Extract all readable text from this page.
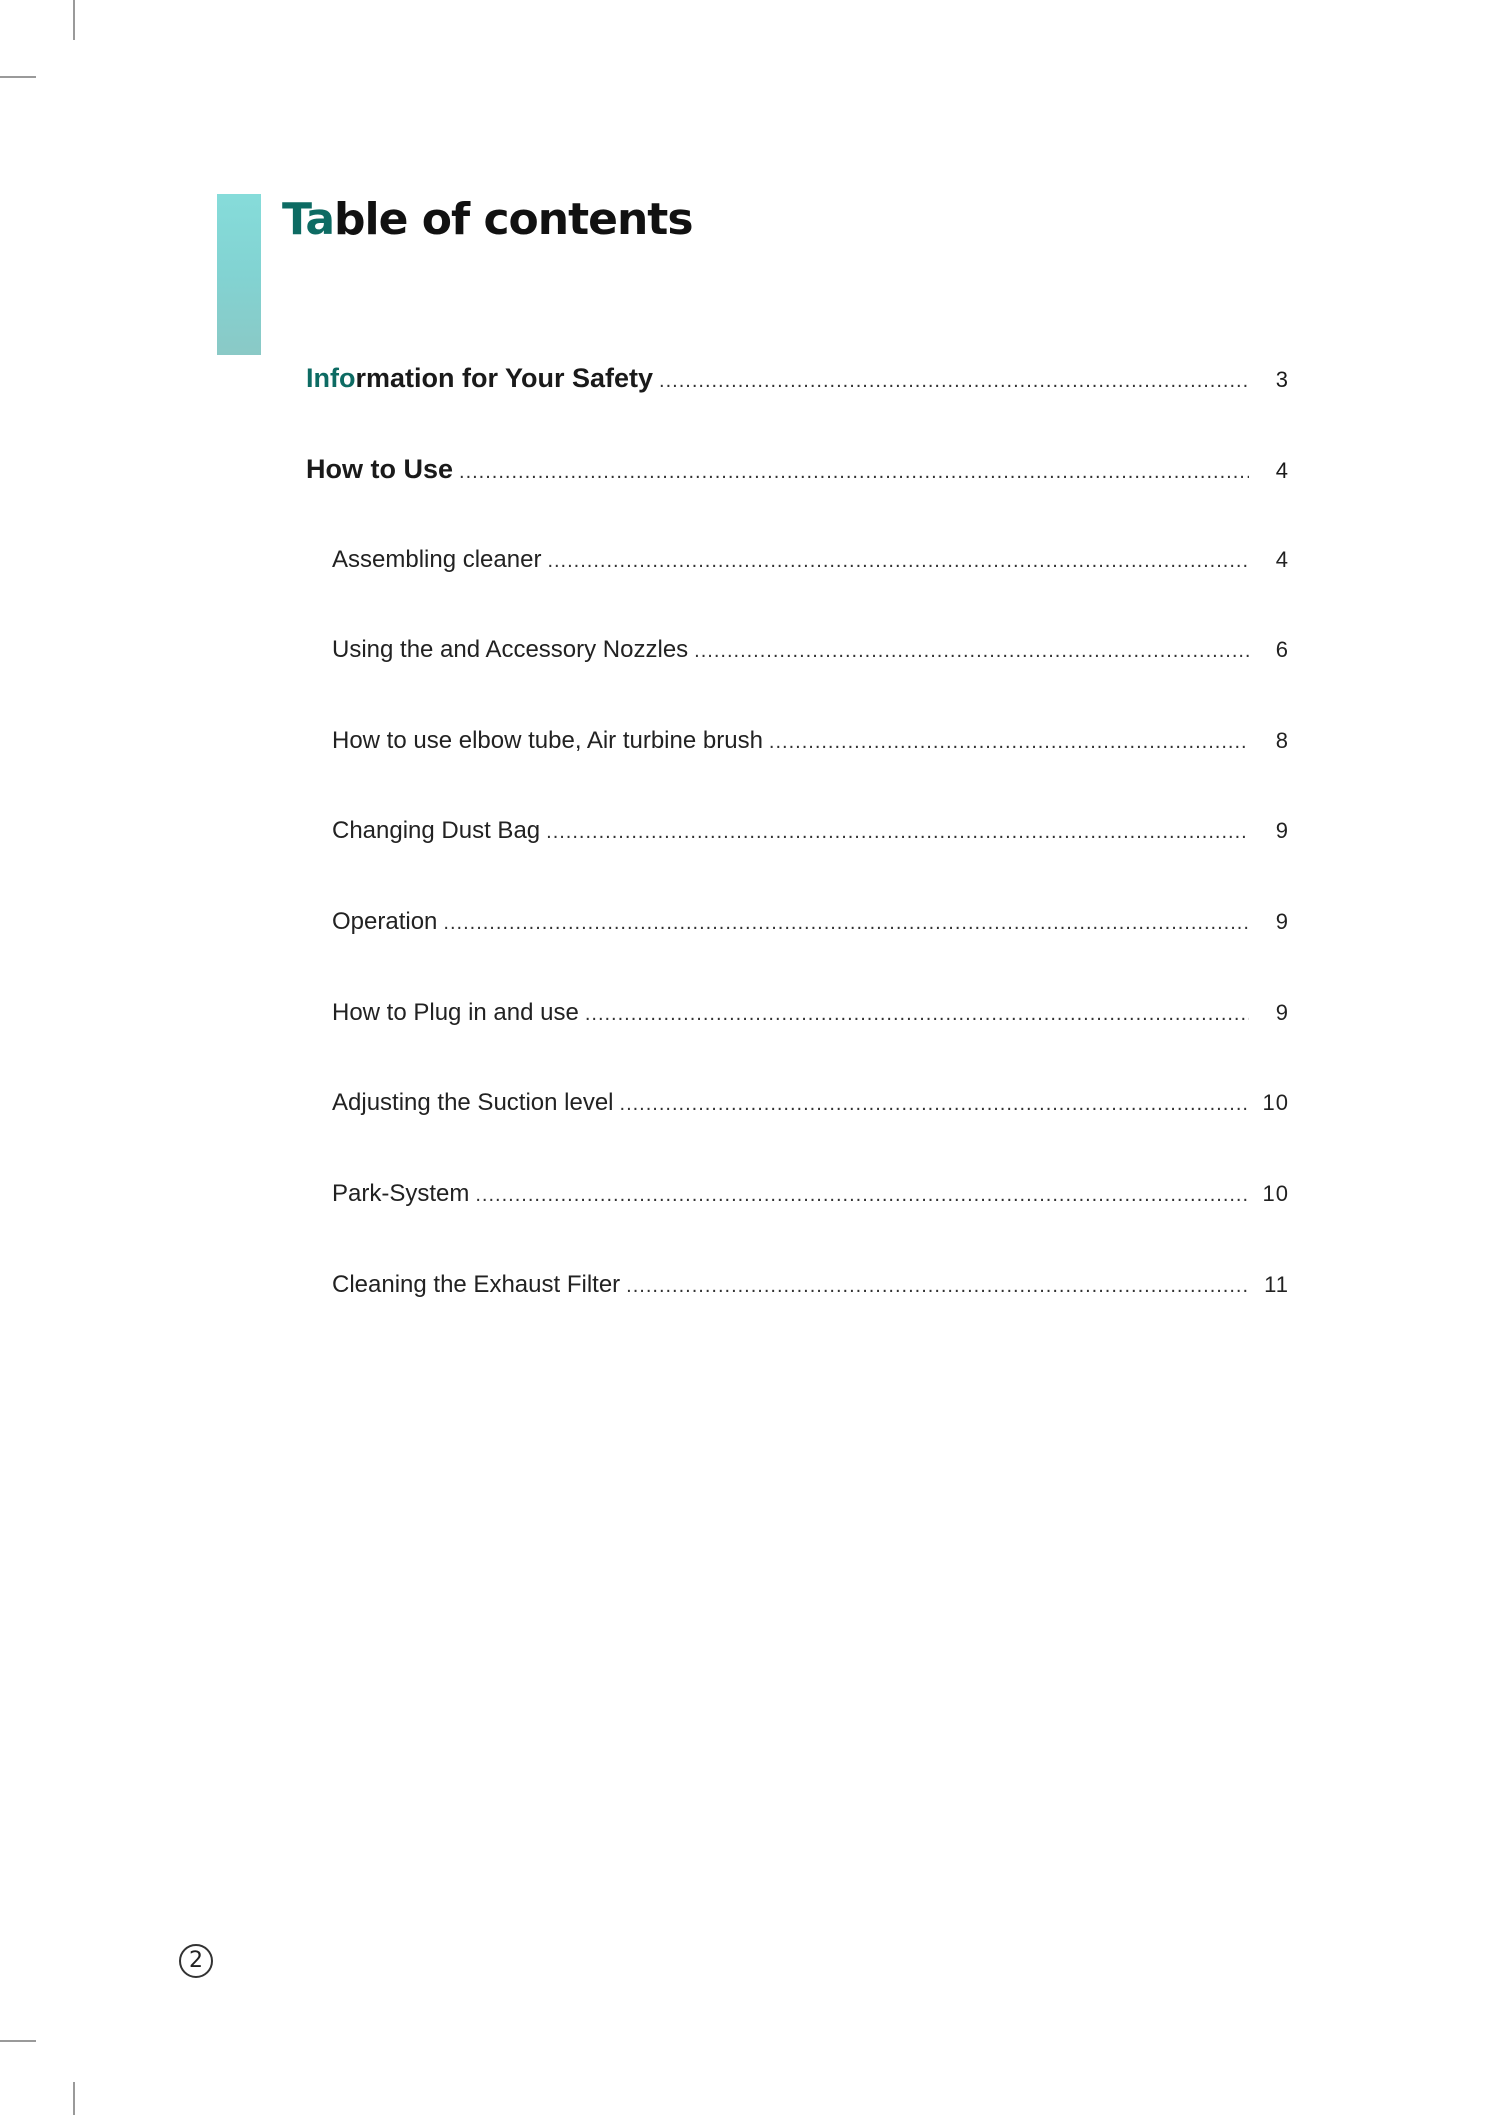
Table of contents
Information for Your Safety .....	3
How to Use .....	4
Assembling cleaner .....	4
Using the and Accessory Nozzles .....	6
How to use elbow tube, Air turbine brush .....	8
Changing Dust Bag .....	9
Operation .....	9
How to Plug in and use .....	9
Adjusting the Suction level .....	10
Park-System .....	10
Cleaning the Exhaust Filter .....	11
2
